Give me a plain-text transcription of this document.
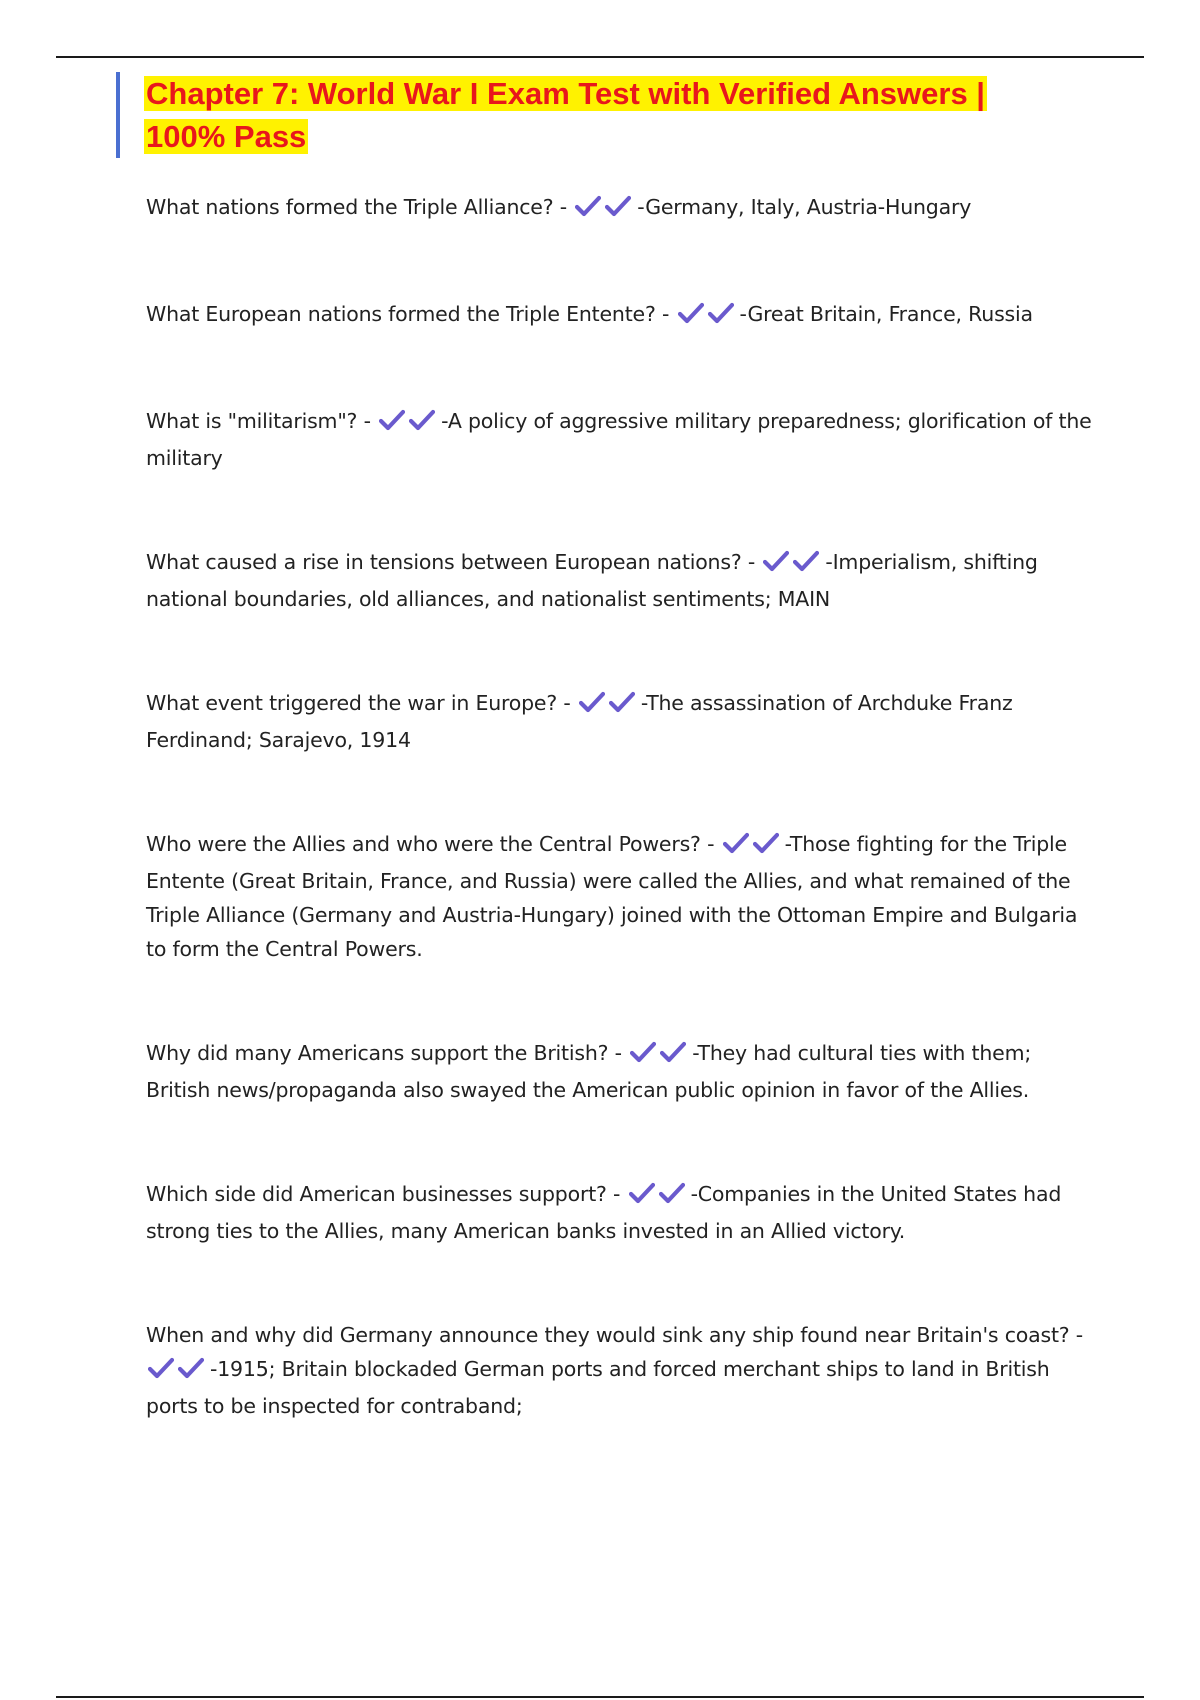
Chapter 7: World War I Exam Test with Verified Answers |
100% Pass
What nations formed the Triple Alliance? -	-Germany, Italy, Austria-Hungary
What European nations formed the Triple Entente? -	-Great Britain, France, Russia
What is "militarism"? -	-A policy of aggressive military preparedness; glorification of the military
What caused a rise in tensions between European nations? -	-Imperialism, shifting national boundaries, old alliances, and nationalist sentiments; MAIN
What event triggered the war in Europe? -	-The assassination of Archduke Franz Ferdinand; Sarajevo, 1914
Who were the Allies and who were the Central Powers? -	-Those fighting for the Triple Entente (Great Britain, France, and Russia) were called the Allies, and what remained of the Triple Alliance (Germany and Austria-Hungary) joined with the Ottoman Empire and Bulgaria to form the Central Powers.
Why did many Americans support the British? -	-They had cultural ties with them; British news/propaganda also swayed the American public opinion in favor of the Allies.
Which side did American businesses support? -	-Companies in the United States had strong ties to the Allies, many American banks invested in an Allied victory.
When and why did Germany announce they would sink any ship found near Britain's coast? -
-1915; Britain blockaded German ports and forced merchant ships to land in British ports to be inspected for contraband;
